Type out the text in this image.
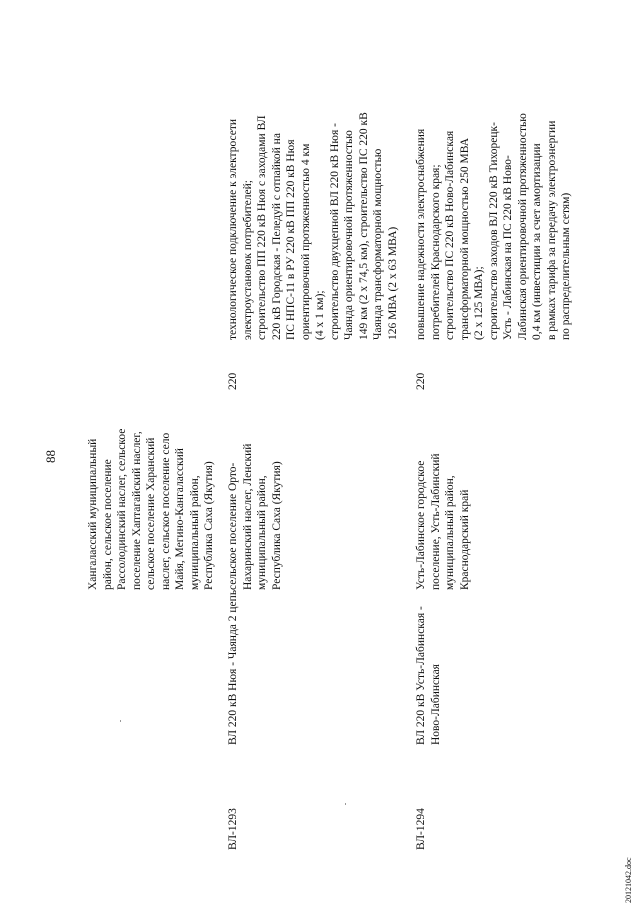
88	Хангаласский муниципальный район, сельское поселение Рассолодинский наслег, сельское поселение Хаптагайский наслег, сельское поселение Харанский наслег, сельское поселение село Майя, Мегино-Кангаласский муниципальный район, Республика Саха (Якутия)
ВЛ-1293
ВЛ 220 кВ Нюя - Чаянда 2 цепь
сельское поселение Орто- Нахаринский наслег, Ленский муниципальный район, Республика Саха (Якутия)
220
технологическое подключение к электросети электроустановок потребителей; строительство ПП 220 кВ Нюя с заходами ВЛ 220 кВ Городская - Пеледуй с отпайкой на ПС НПС-11 в РУ 220 кВ ПП 220 кВ Нюя ориентировочной протяженностью 4 км (4 x 1 км); строительство двухцепной ВЛ 220 кВ Нюя - Чаянда ориентировочной протяженностью 149 км (2 x 74,5 км), строительство ПС 220 кВ Чаянда трансформаторной мощностью 126 МВА (2 x 63 МВА)
ВЛ-1294
ВЛ 220 кВ Усть-Лабинская - Ново-Лабинская
Усть-Лабинское городское поселение, Усть-Лабинский муниципальный район, Краснодарский край
220
повышение надежности электроснабжения потребителей Краснодарского края; строительство ПС 220 кВ Ново-Лабинская трансформаторной мощностью 250 МВА (2 x 125 МВА); строительство заходов ВЛ 220 кВ Тихорецк- Усть - Лабинская на ПС 220 кВ Ново- Лабинская ориентировочной протяженностью 0,4 км (инвестиции за счет амортизации в рамках тарифа за передачу электроэнергии по распределительным сетям)
20121042.doc
